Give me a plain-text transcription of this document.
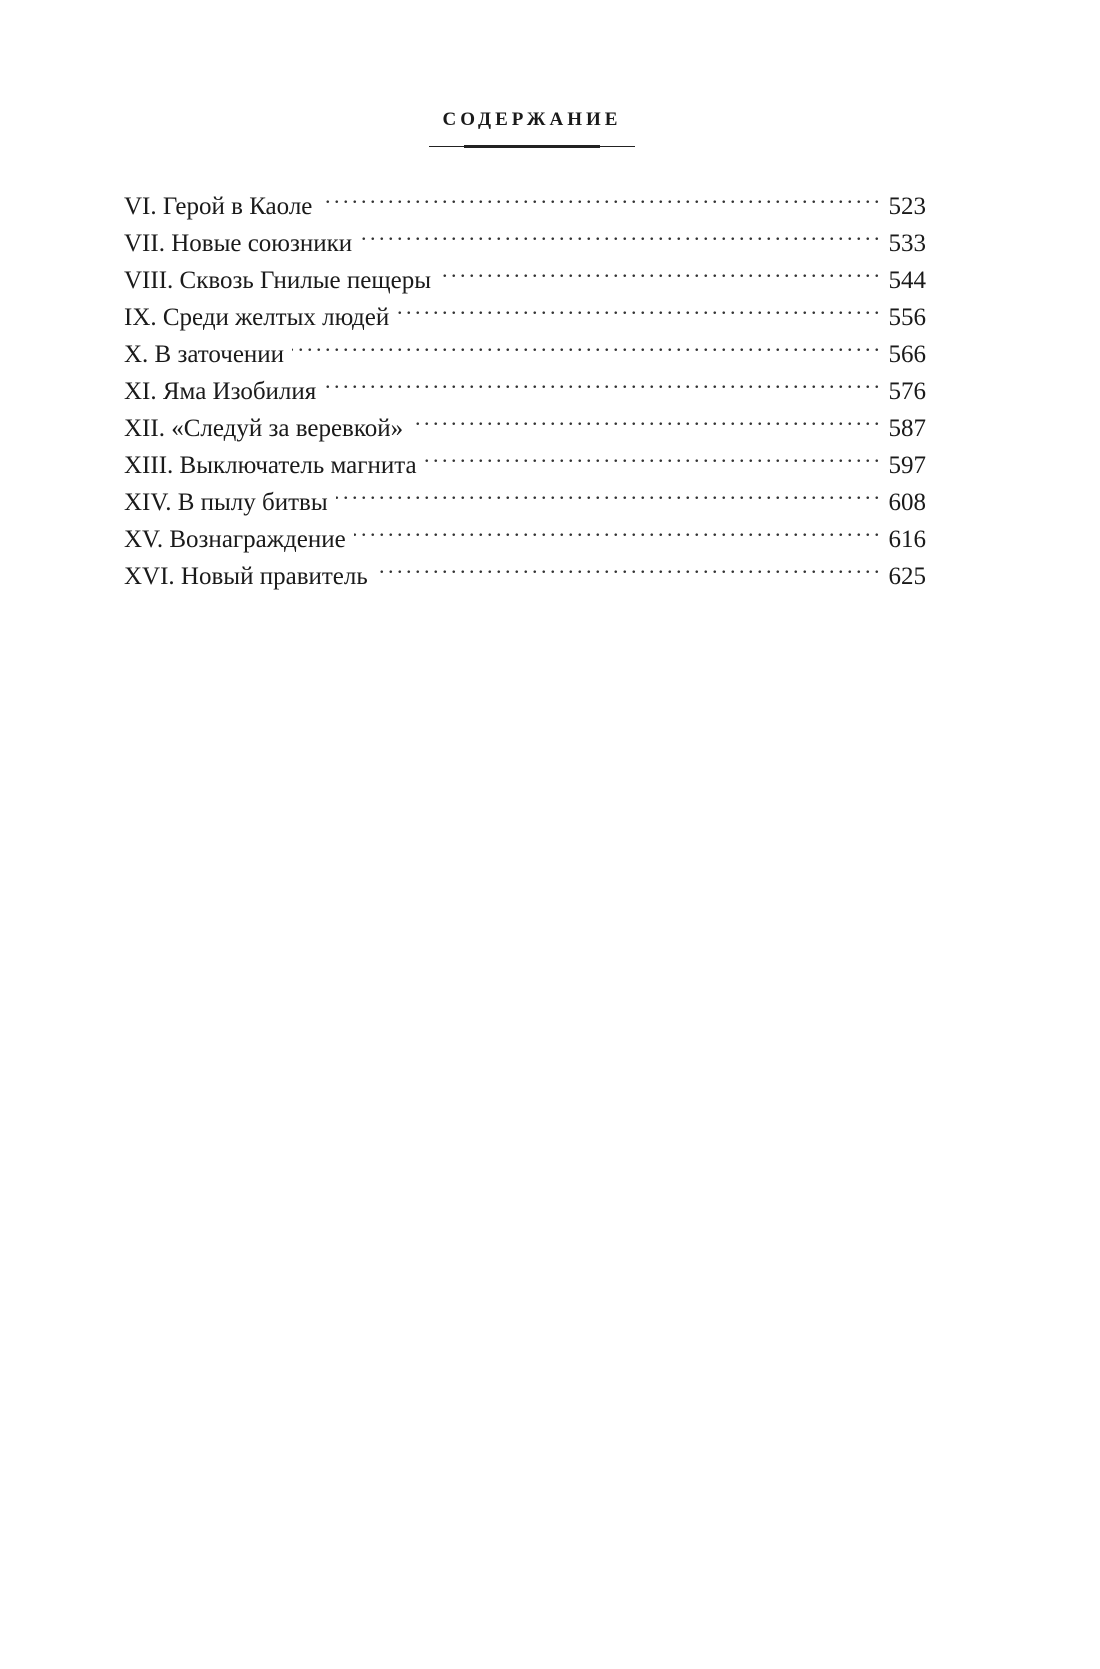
СОДЕРЖАНИЕ
VI. Герой в Каоле . . .	523
VII. Новые союзники . . .	533
VIII. Сквозь Гнилые пещеры . . .	544
IX. Среди желтых людей . . .	556
X. В заточении . . .	566
XI. Яма Изобилия . . .	576
XII. «Следуй за веревкой» . . .	587
XIII. Выключатель магнита . . .	597
XIV. В пылу битвы . . .	608
XV. Вознаграждение . . .	616
XVI. Новый правитель . . .	625
